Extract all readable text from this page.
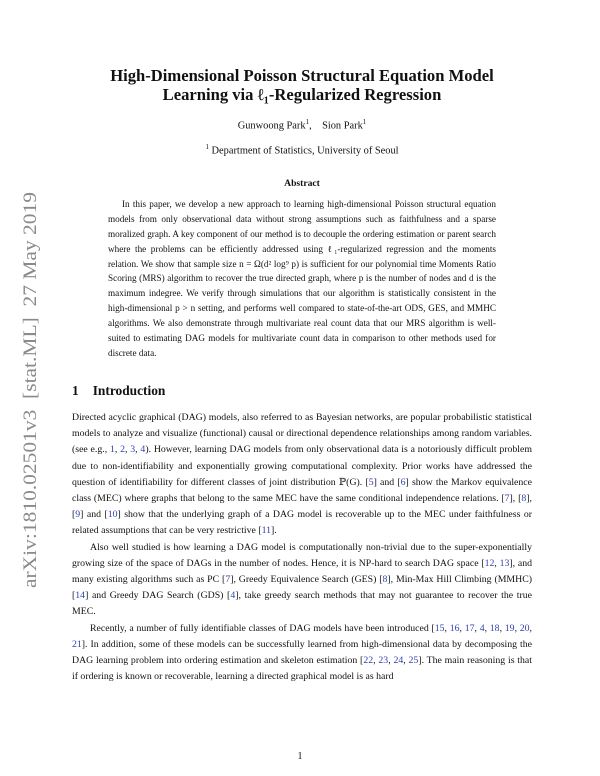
arXiv:1810.02501v3  [stat.ML]  27 May 2019
High-Dimensional Poisson Structural Equation Model
Learning via ℓ₁-Regularized Regression
Gunwoong Park$^1$, Sion Park$^1$
$^1$ Department of Statistics, University of Seoul
Abstract

In this paper, we develop a new approach to learning high-dimensional Poisson structural equation models from only observational data without strong assumptions such as faithfulness and a sparse moralized graph. A key component of our method is to decouple the ordering estimation or parent search where the problems can be efficiently addressed using ℓ₁-regularized regression and the moments relation. We show that sample size n = Ω(d² log⁹ p) is sufficient for our polynomial time Moments Ratio Scoring (MRS) algorithm to recover the true directed graph, where p is the number of nodes and d is the maximum indegree. We verify through simulations that our algorithm is statistically consistent in the high-dimensional p > n setting, and performs well compared to state-of-the-art ODS, GES, and MMHC algorithms. We also demonstrate through multivariate real count data that our MRS algorithm is well-suited to estimating DAG models for multivariate count data in comparison to other methods used for discrete data.

1 Introduction

Directed acyclic graphical (DAG) models, also referred to as Bayesian networks, are popular probabilistic statistical models to analyze and visualize (functional) causal or directional dependence relationships among random variables.(see e.g., 1, 2, 3, 4). However, learning DAG models from only observational data is a notoriously difficult problem due to non-identifiability and exponentially growing computational complexity. Prior works have addressed the question of identifiability for different classes of joint distribution ℙ(G). [5] and [6] show the Markov equivalence class (MEC) where graphs that belong to the same MEC have the same conditional independence relations. [7], [8], [9] and [10] show that the underlying graph of a DAG model is recoverable up to the MEC under faithfulness or related assumptions that can be very restrictive [11].

Also well studied is how learning a DAG model is computationally non-trivial due to the super-exponentially growing size of the space of DAGs in the number of nodes. Hence, it is NP-hard to search DAG space [12, 13], and many existing algorithms such as PC [7], Greedy Equivalence Search (GES) [8], Min-Max Hill Climbing (MMHC) [14] and Greedy DAG Search (GDS) [4], take greedy search methods that may not guarantee to recover the true MEC.

Recently, a number of fully identifiable classes of DAG models have been introduced [15, 16, 17, 4, 18, 19, 20, 21]. In addition, some of these models can be successfully learned from high-dimensional data by decomposing the DAG learning problem into ordering estimation and skeleton estimation [22, 23, 24, 25]. The main reasoning is that if ordering is known or recoverable, learning a directed graphical model is as hard

1
